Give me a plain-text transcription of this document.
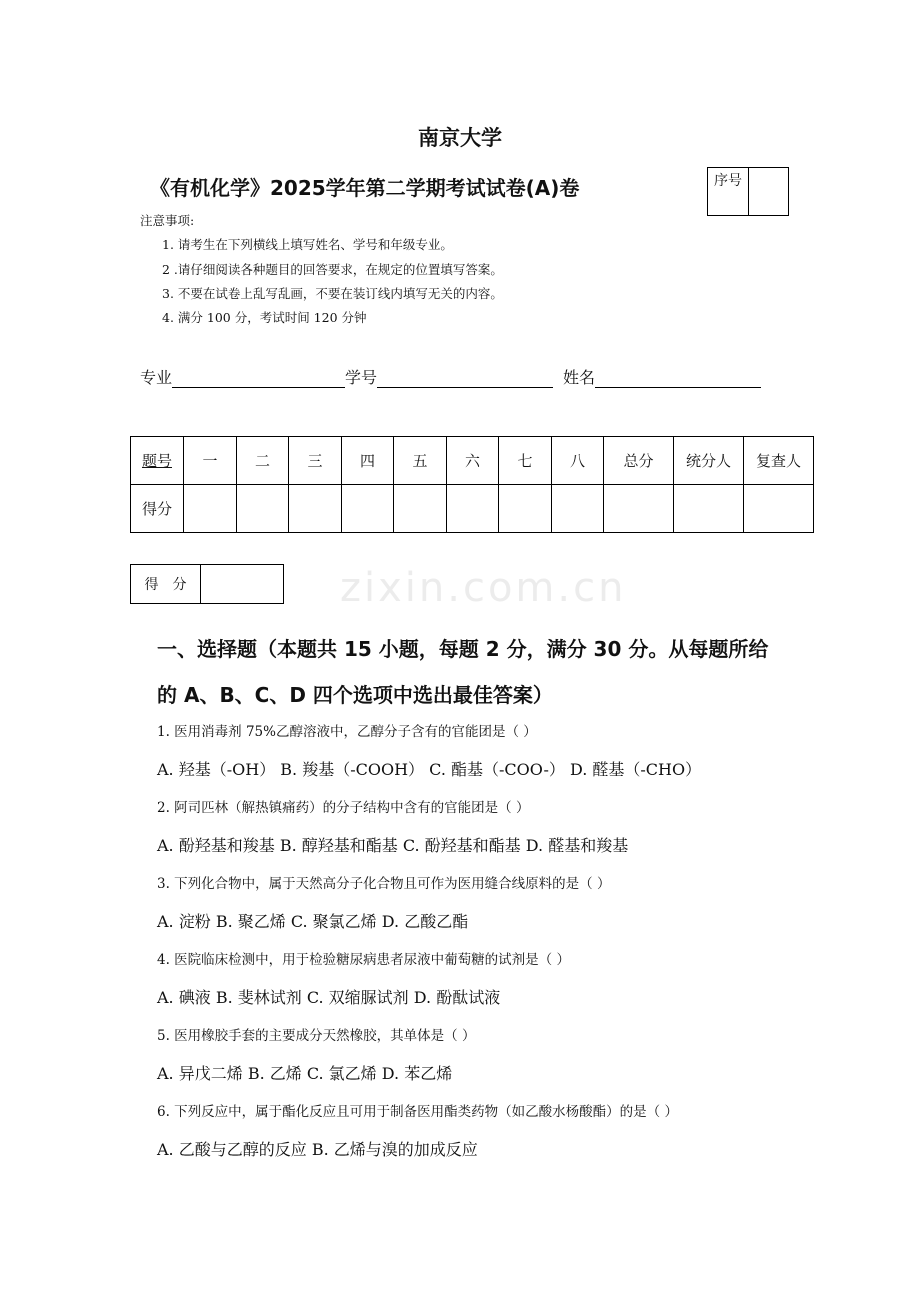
zixin.com.cn
南京大学
《有机化学》2025学年第二学期考试试卷(A)卷	序号
注意事项:
1. 请考生在下列横线上填写姓名、学号和年级专业。
2 .请仔细阅读各种题目的回答要求，在规定的位置填写答案。
3. 不要在试卷上乱写乱画，不要在装订线内填写无关的内容。
4. 满分 100 分，考试时间 120 分钟
专业	学号	姓名
题号	一	二	三	四	五	六	七	八	总分	统分人	复查人
得分											
得　分	
一、选择题（本题共 15 小题，每题 2 分，满分 30 分。从每题所给
的 A、B、C、D 四个选项中选出最佳答案）
1. 医用消毒剂 75%乙醇溶液中，乙醇分子含有的官能团是（ ）
A. 羟基（-OH） B. 羧基（-COOH） C. 酯基（-COO-） D. 醛基（-CHO）
2. 阿司匹林（解热镇痛药）的分子结构中含有的官能团是（ ）
A. 酚羟基和羧基 B. 醇羟基和酯基 C. 酚羟基和酯基 D. 醛基和羧基
3. 下列化合物中，属于天然高分子化合物且可作为医用缝合线原料的是（ ）
A. 淀粉 B. 聚乙烯 C. 聚氯乙烯 D. 乙酸乙酯
4. 医院临床检测中，用于检验糖尿病患者尿液中葡萄糖的试剂是（ ）
A. 碘液 B. 斐林试剂 C. 双缩脲试剂 D. 酚酞试液
5. 医用橡胶手套的主要成分天然橡胶，其单体是（ ）
A. 异戊二烯 B. 乙烯 C. 氯乙烯 D. 苯乙烯
6. 下列反应中，属于酯化反应且可用于制备医用酯类药物（如乙酸水杨酸酯）的是（ ）
A. 乙酸与乙醇的反应 B. 乙烯与溴的加成反应
